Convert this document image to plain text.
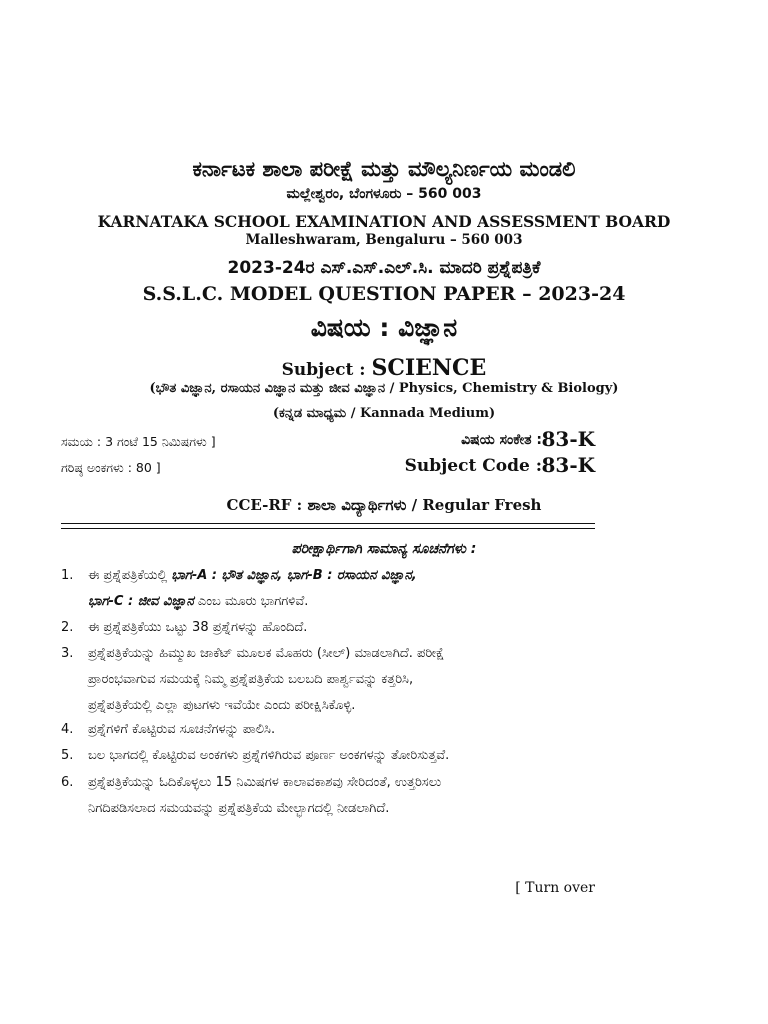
ಕರ್ನಾಟಕ ಶಾಲಾ ಪರೀಕ್ಷೆ ಮತ್ತು ಮೌಲ್ಯನಿರ್ಣಯ ಮಂಡಲಿ
ಮಲ್ಲೇಶ್ವರಂ, ಬೆಂಗಳೂರು – 560 003
KARNATAKA SCHOOL EXAMINATION AND ASSESSMENT BOARD
Malleshwaram, Bengaluru – 560 003
2023-24ರ ಎಸ್.ಎಸ್.ಎಲ್.ಸಿ. ಮಾದರಿ ಪ್ರಶ್ನೆಪತ್ರಿಕೆ
S.S.L.C. MODEL QUESTION PAPER – 2023-24
ವಿಷಯ : ವಿಜ್ಞಾನ
Subject : SCIENCE
(ಭೌತ ವಿಜ್ಞಾನ, ರಸಾಯನ ವಿಜ್ಞಾನ ಮತ್ತು ಜೀವ ವಿಜ್ಞಾನ / Physics, Chemistry & Biology)
(ಕನ್ನಡ ಮಾಧ್ಯಮ / Kannada Medium)
ಸಮಯ : 3 ಗಂಟೆ 15 ನಿಮಿಷಗಳು ]
ಗರಿಷ್ಠ ಅಂಕಗಳು : 80 ]
ವಿಷಯ ಸಂಕೇತ : 83-K
Subject Code : 83-K
CCE-RF : ಶಾಲಾ ವಿದ್ಯಾರ್ಥಿಗಳು / Regular Fresh
ಪರೀಕ್ಷಾರ್ಥಿಗಾಗಿ ಸಾಮಾನ್ಯ ಸೂಚನೆಗಳು :
1.	ಈ ಪ್ರಶ್ನೆಪತ್ರಿಕೆಯಲ್ಲಿ ಭಾಗ-A : ಭೌತ ವಿಜ್ಞಾನ, ಭಾಗ-B : ರಸಾಯನ ವಿಜ್ಞಾನ,
ಭಾಗ-C : ಜೀವ ವಿಜ್ಞಾನ ಎಂಬ ಮೂರು ಭಾಗಗಳಿವೆ.
2.	ಈ ಪ್ರಶ್ನೆಪತ್ರಿಕೆಯು ಒಟ್ಟು 38 ಪ್ರಶ್ನೆಗಳನ್ನು ಹೊಂದಿದೆ.
3.	ಪ್ರಶ್ನೆಪತ್ರಿಕೆಯನ್ನು ಹಿಮ್ಮುಖ ಜಾಕೆಟ್ ಮೂಲಕ ಮೊಹರು (ಸೀಲ್) ಮಾಡಲಾಗಿದೆ. ಪರೀಕ್ಷೆ
ಪ್ರಾರಂಭವಾಗುವ ಸಮಯಕ್ಕೆ ನಿಮ್ಮ ಪ್ರಶ್ನೆಪತ್ರಿಕೆಯ ಬಲಬದಿ ಪಾರ್ಶ್ವವನ್ನು ಕತ್ತರಿಸಿ,
ಪ್ರಶ್ನೆಪತ್ರಿಕೆಯಲ್ಲಿ ಎಲ್ಲಾ ಪುಟಗಳು ಇವೆಯೇ ಎಂದು ಪರೀಕ್ಷಿಸಿಕೊಳ್ಳಿ.
4.	ಪ್ರಶ್ನೆಗಳಿಗೆ ಕೊಟ್ಟಿರುವ ಸೂಚನೆಗಳನ್ನು ಪಾಲಿಸಿ.
5.	ಬಲ ಭಾಗದಲ್ಲಿ ಕೊಟ್ಟಿರುವ ಅಂಕಗಳು ಪ್ರಶ್ನೆಗಳಿಗಿರುವ ಪೂರ್ಣ ಅಂಕಗಳನ್ನು ತೋರಿಸುತ್ತವೆ.
6.	ಪ್ರಶ್ನೆಪತ್ರಿಕೆಯನ್ನು ಓದಿಕೊಳ್ಳಲು 15 ನಿಮಿಷಗಳ ಕಾಲಾವಕಾಶವು ಸೇರಿದಂತೆ, ಉತ್ತರಿಸಲು
ನಿಗದಿಪಡಿಸಲಾದ ಸಮಯವನ್ನು ಪ್ರಶ್ನೆಪತ್ರಿಕೆಯ ಮೇಲ್ಭಾಗದಲ್ಲಿ ನೀಡಲಾಗಿದೆ.
[ Turn over
